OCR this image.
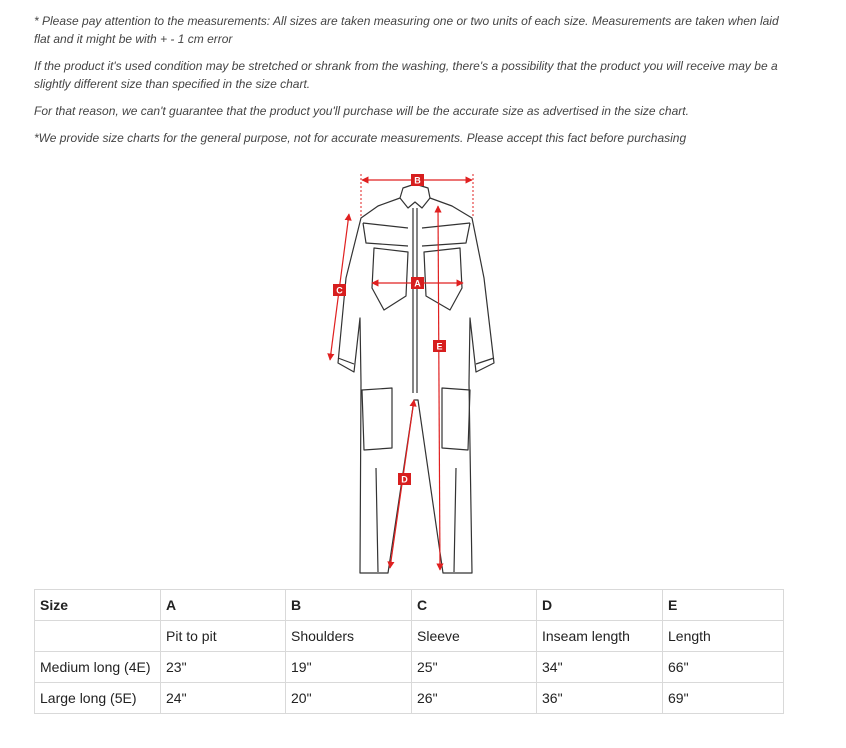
* Please pay attention to the measurements: All sizes are taken measuring one or two units of each size. Measurements are taken when laid flat and it might be with + - 1 cm error

If the product it's used condition may be stretched or shrank from the washing, there's a possibility that the product you will receive may be a slightly different size than specified in the size chart.

For that reason, we can't guarantee that the product you'll purchase will be the accurate size as advertised in the size chart.

*We provide size charts for the general purpose, not for accurate measurements. Please accept this fact before purchasing

B
A
C
E
D
Size	A	B	C	D	E
	Pit to pit	Shoulders	Sleeve	Inseam length	Length
Medium long (4E)	23"	19"	25"	34"	66"
Large long (5E)	24"	20"	26"	36"	69"
